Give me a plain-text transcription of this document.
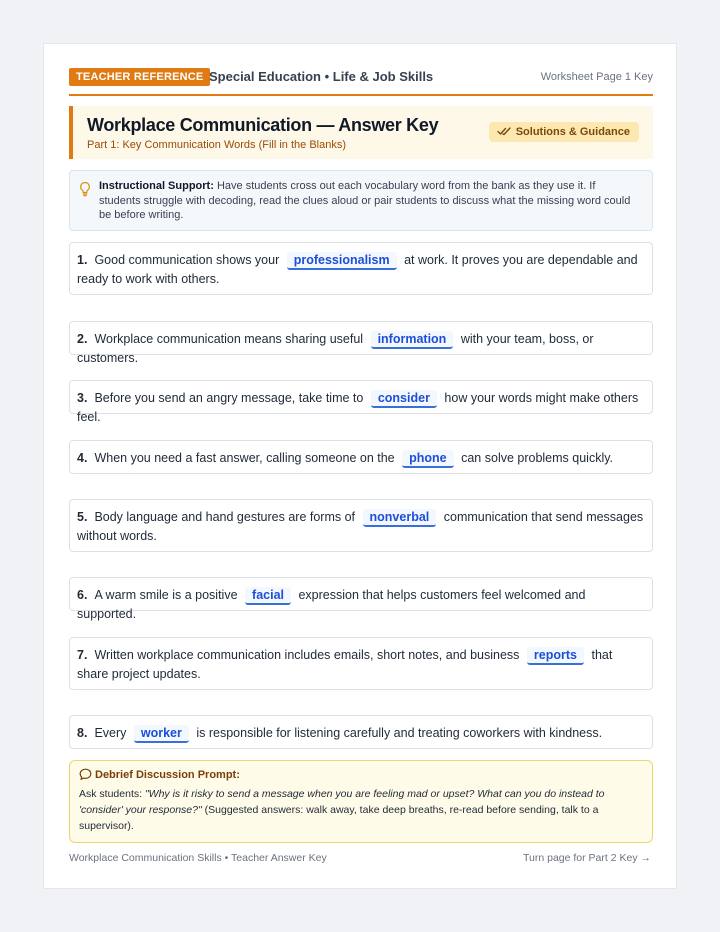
TEACHER REFERENCE Special Education • Life & Job Skills	Worksheet Page 1 Key
Workplace Communication — Answer Key
Part 1: Key Communication Words (Fill in the Blanks)
Solutions & Guidance

Instructional Support: Have students cross out each vocabulary word from the bank as they use it. If students struggle with decoding, read the clues aloud or pair students to discuss what the missing word could be before writing.

1. Good communication shows your professionalism at work. It proves you are dependable and ready to work with others.
2. Workplace communication means sharing useful information with your team, boss, or customers.
3. Before you send an angry message, take time to consider how your words might make others feel.
4. When you need a fast answer, calling someone on the phone can solve problems quickly.
5. Body language and hand gestures are forms of nonverbal communication that send messages without words.
6. A warm smile is a positive facial expression that helps customers feel welcomed and supported.
7. Written workplace communication includes emails, short notes, and business reports that share project updates.
8. Every worker is responsible for listening carefully and treating coworkers with kindness.
Debrief Discussion Prompt:

Ask students: "Why is it risky to send a message when you are feeling mad or upset? What can you do instead to 'consider' your response?" (Suggested answers: walk away, take deep breaths, re-read before sending, talk to a supervisor).

Workplace Communication Skills • Teacher Answer Key	Turn page for Part 2 Key →
